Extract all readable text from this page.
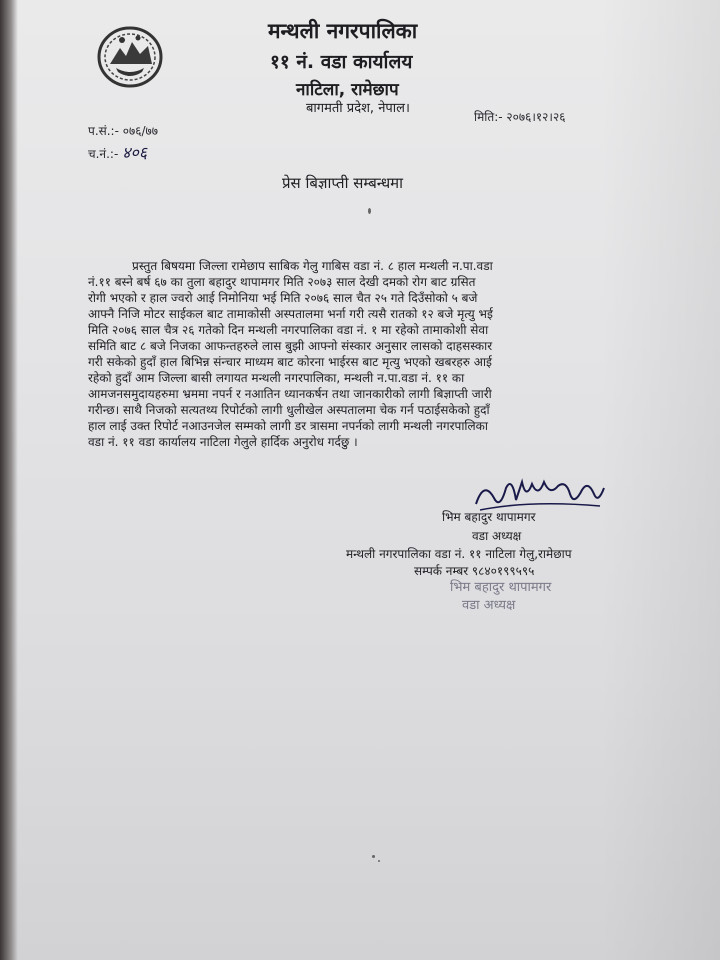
मन्थली नगरपालिका
११ नं. वडा कार्यालय
नाटिला, रामेछाप
बागमती प्रदेश, नेपाल।
प.सं.:- ०७६/७७
च.नं.:- ४०६
मिति:- २०७६।१२।२६
प्रेस बिज्ञाप्ती सम्बन्धमा
प्रस्तुत बिषयमा जिल्ला रामेछाप साबिक गेलु गाबिस वडा नं. ८ हाल मन्थली न.पा.वडा
नं.११ बस्ने बर्ष ६७ का तुला बहादुर थापामगर मिति २०७३ साल देखी दमको रोग बाट ग्रसित
रोगी भएको र हाल ज्वरो आई निमोनिया भई मिति २०७६ साल चैत २५ गते दिउँसोको ५ बजे
आफ्नै निजि मोटर साईकल बाट तामाकोसी अस्पतालमा भर्ना गरी त्यसै रातको १२ बजे मृत्यु भई
मिति २०७६ साल चैत्र २६ गतेको दिन मन्थली नगरपालिका वडा नं. १ मा रहेको तामाकोशी सेवा
समिति बाट ८ बजे निजका आफन्तहरुले लास बुझी आफ्नो संस्कार अनुसार लासको दाहसस्कार
गरी सकेको हुदाँ हाल बिभिन्न संन्चार माध्यम बाट कोरना भाईरस बाट मृत्यु भएको खबरहरु आई
रहेको हुदाँ आम जिल्ला बासी लगायत मन्थली नगरपालिका, मन्थली न.पा.वडा नं. ११ का
आमजनसमुदायहरुमा भ्रममा नपर्न र नआतिन ध्यानकर्षन तथा जानकारीको लागी बिज्ञाप्ती जारी
गरीन्छ। साथै निजको सत्यतथ्य रिपोर्टको लागी धुलीखेल अस्पतालमा चेक गर्न पठाईसकेको हुदाँ
हाल लाई उक्त रिपोर्ट नआउनजेल सम्मको लागी डर त्रासमा नपर्नको लागी मन्थली नगरपालिका
वडा नं. ११ वडा कार्यालय नाटिला गेलुले हार्दिक अनुरोध गर्दछु ।
भिम बहादुर थापामगर
वडा अध्यक्ष
मन्थली नगरपालिका वडा नं. ११ नाटिला गेलु,रामेछाप
सम्पर्क नम्बर ९८४०१९९५९५
भिम बहादुर थापामगर
वडा अध्यक्ष
